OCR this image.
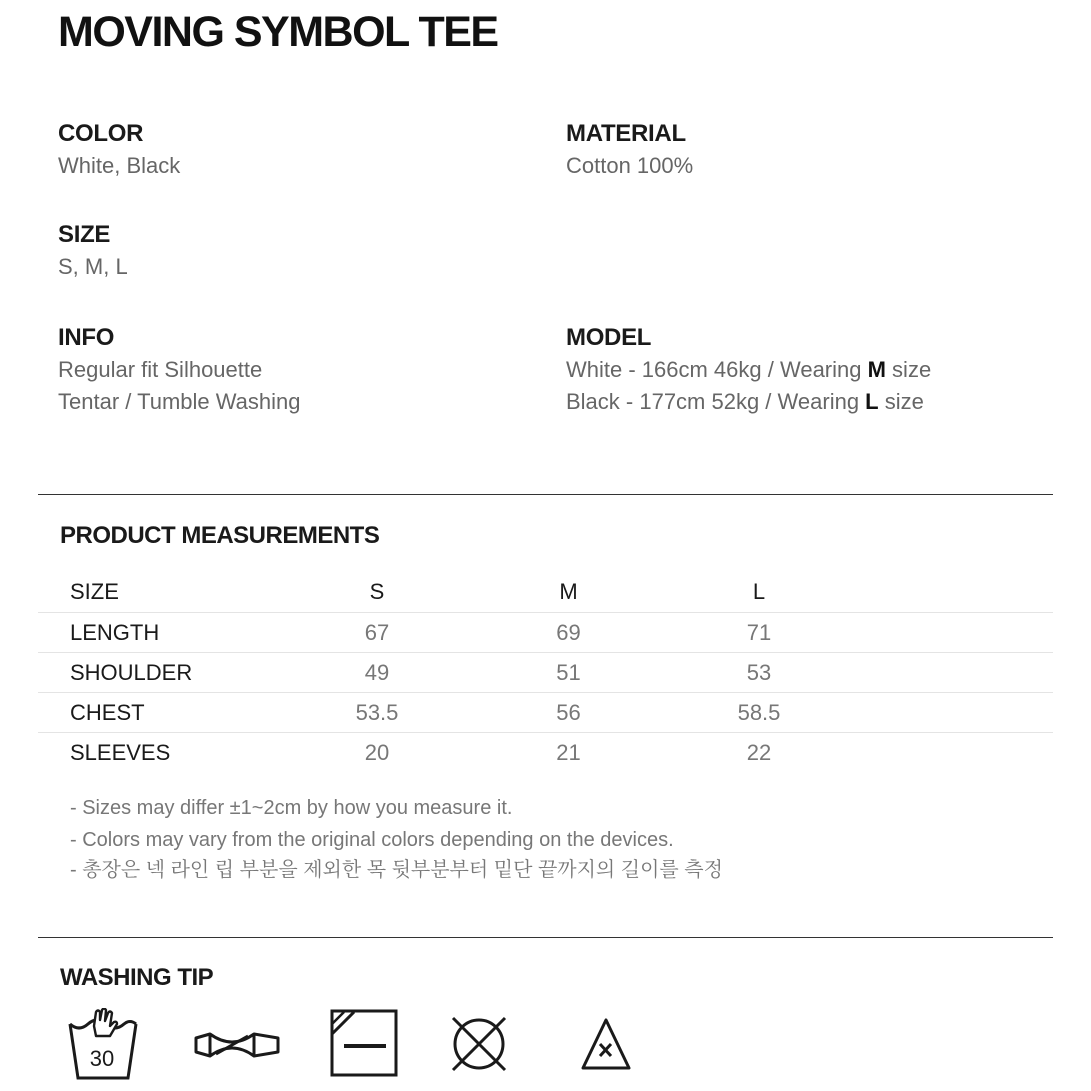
MOVING SYMBOL TEE
COLOR
White, Black
MATERIAL
Cotton 100%
SIZE
S, M, L
INFO
Regular fit Silhouette
Tentar / Tumble Washing
MODEL
White - 166cm 46kg / Wearing M size
Black - 177cm 52kg / Wearing L size
PRODUCT MEASUREMENTS
SIZE	S	M	L	
LENGTH	67	69	71	
SHOULDER	49	51	53	
CHEST	53.5	56	58.5	
SLEEVES	20	21	22	
- Sizes may differ ±1~2cm by how you measure it.
- Colors may vary from the original colors depending on the devices.
- 총장은 넥 라인 립 부분을 제외한 목 뒷부분부터 밑단 끝까지의 길이를 측정
WASHING TIP
30
